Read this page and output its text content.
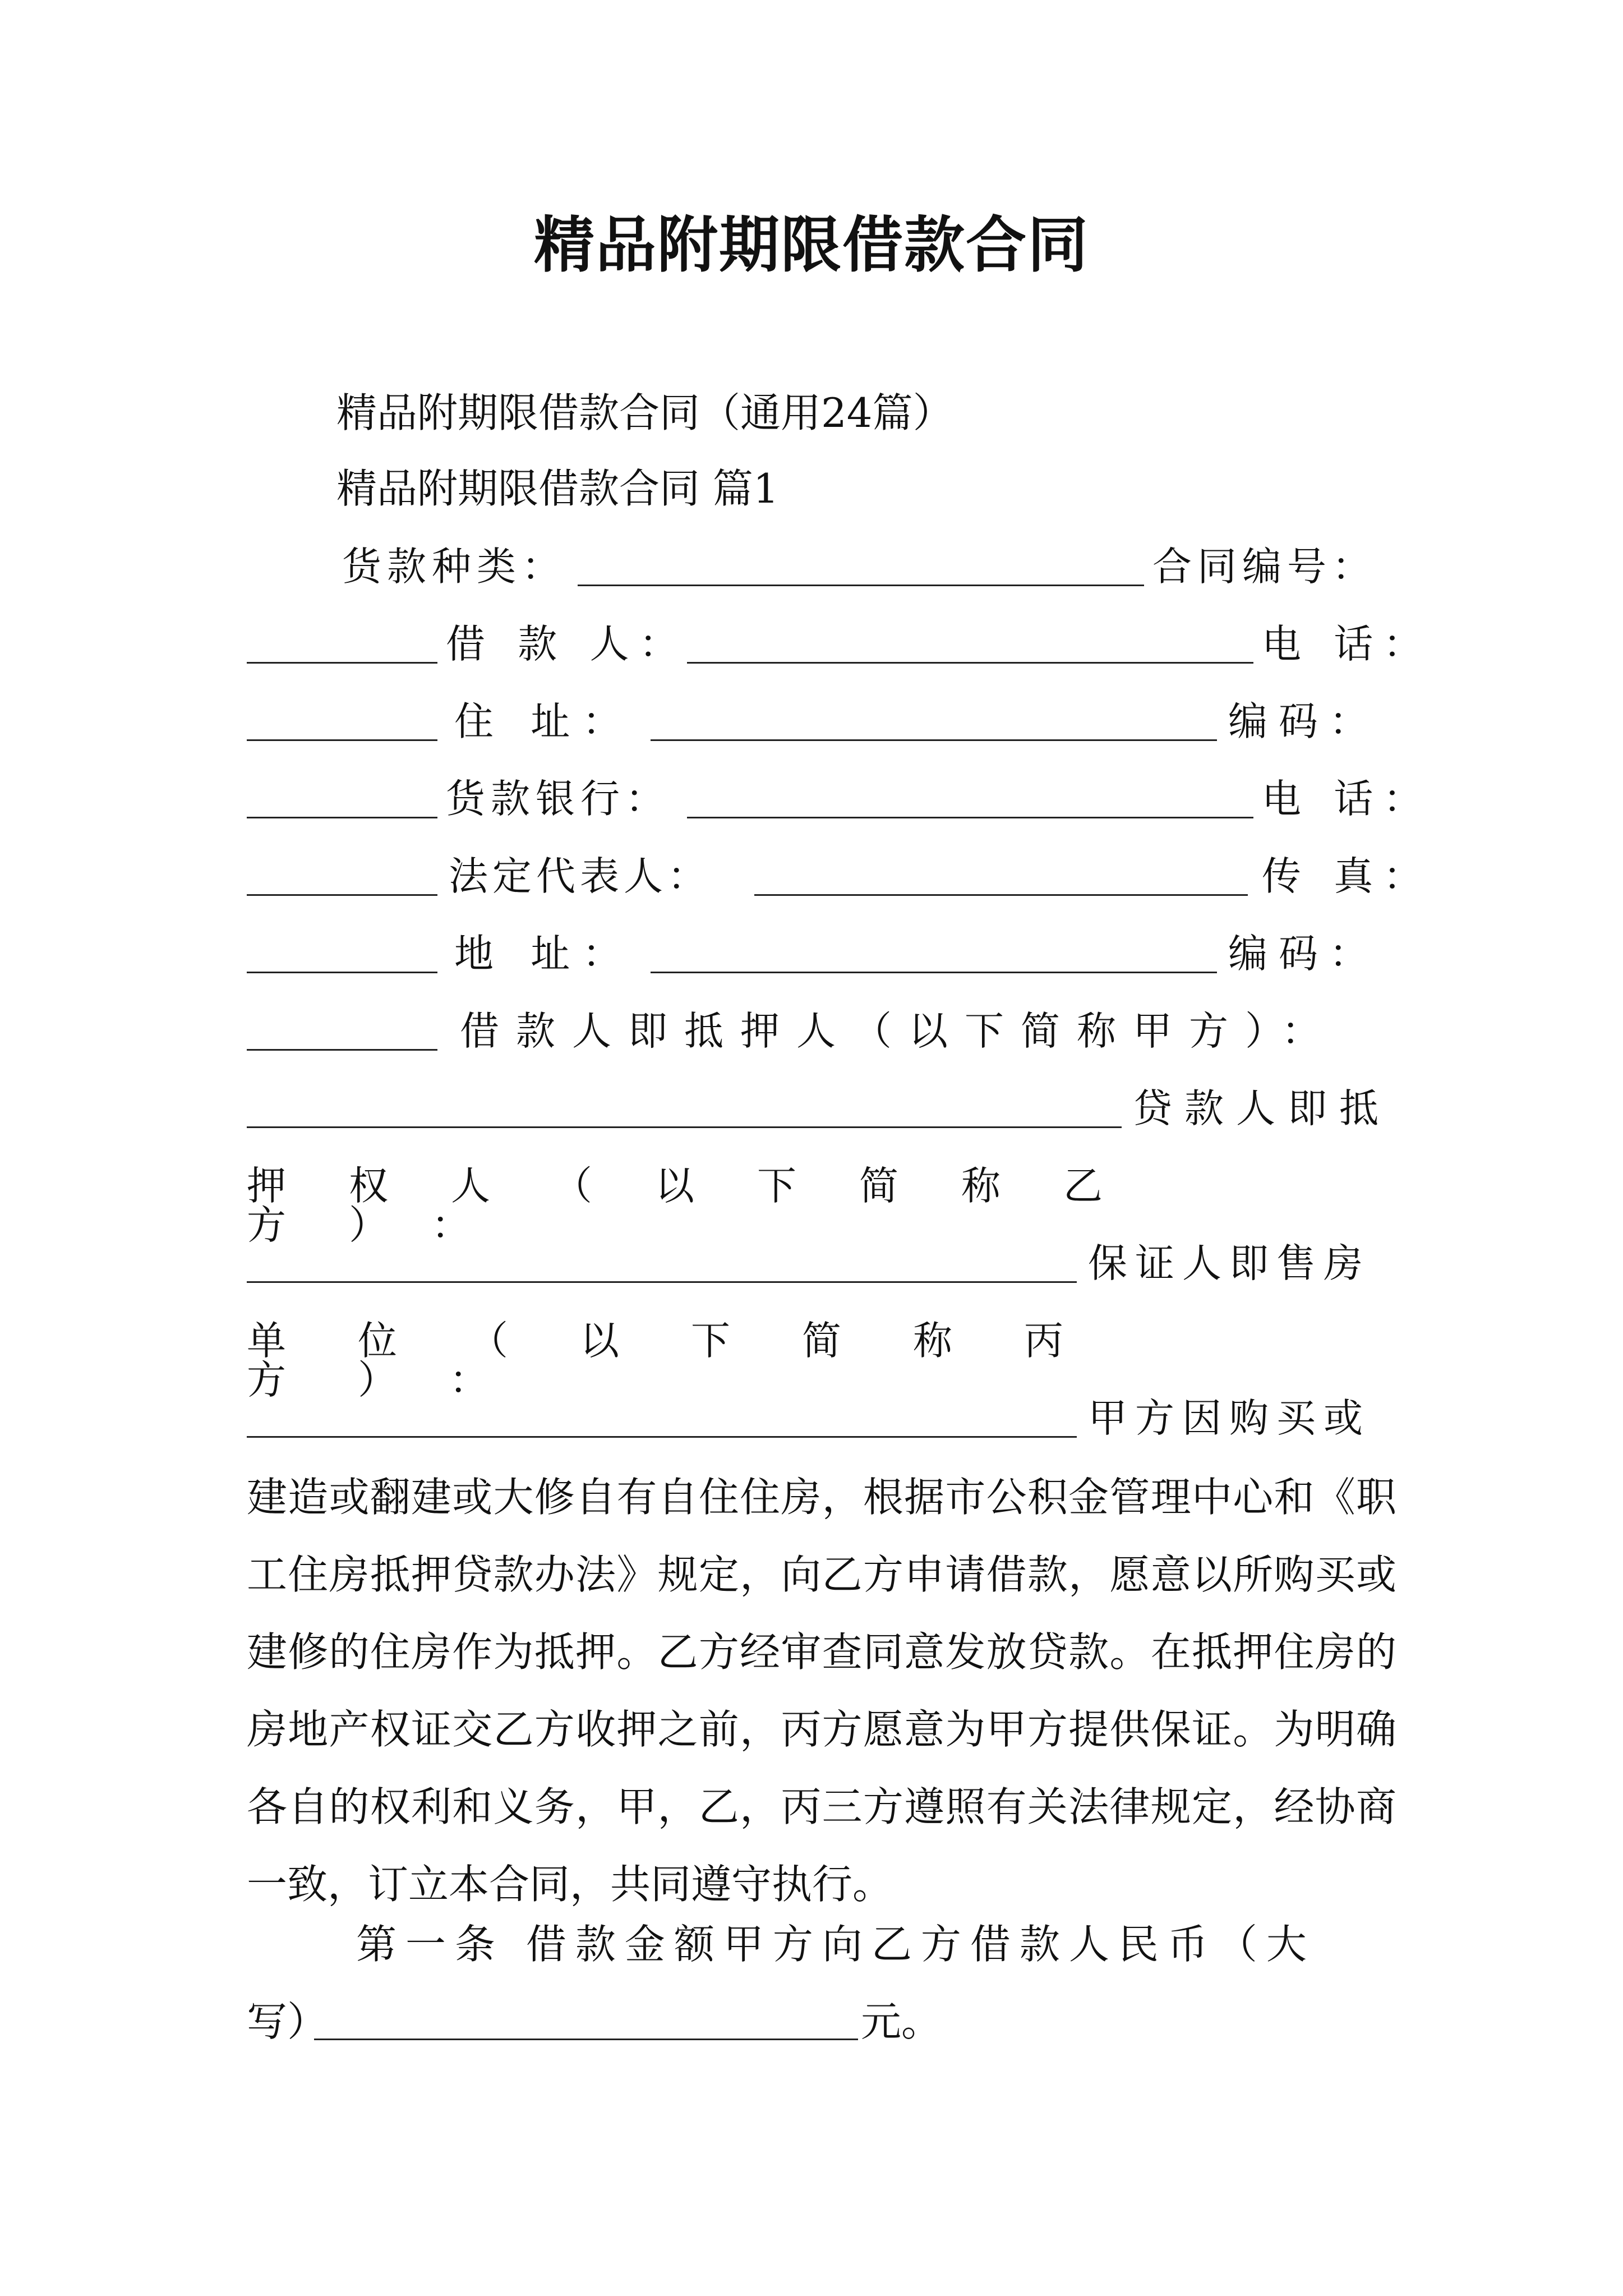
精品附期限借款合同
精品附期限借款合同（通用24篇）
精品附期限借款合同 篇1
货款种类：	合同编号：
借 款 人：	电 话：
住 址：	编码：
货款银行：	电 话：
法定代表人：	传 真：
地 址：	编码：
借款人即抵押人（以下简称甲方）：
贷款人即抵
押权人（以下简称乙方）：
保证人即售房
单位（以下简称丙方）：
甲方因购买或
建造或翻建或大修自有自住住房，根据市公积金管理中心和《职工住房抵押贷款办法》规定，向乙方申请借款，愿意以所购买或建修的住房作为抵押。乙方经审查同意发放贷款。在抵押住房的房地产权证交乙方收押之前，丙方愿意为甲方提供保证。为明确各自的权利和义务，甲，乙，丙三方遵照有关法律规定，经协商一致，订立本合同，共同遵守执行。
第一条 借款金额甲方向乙方借款人民币（大
写）	元。
